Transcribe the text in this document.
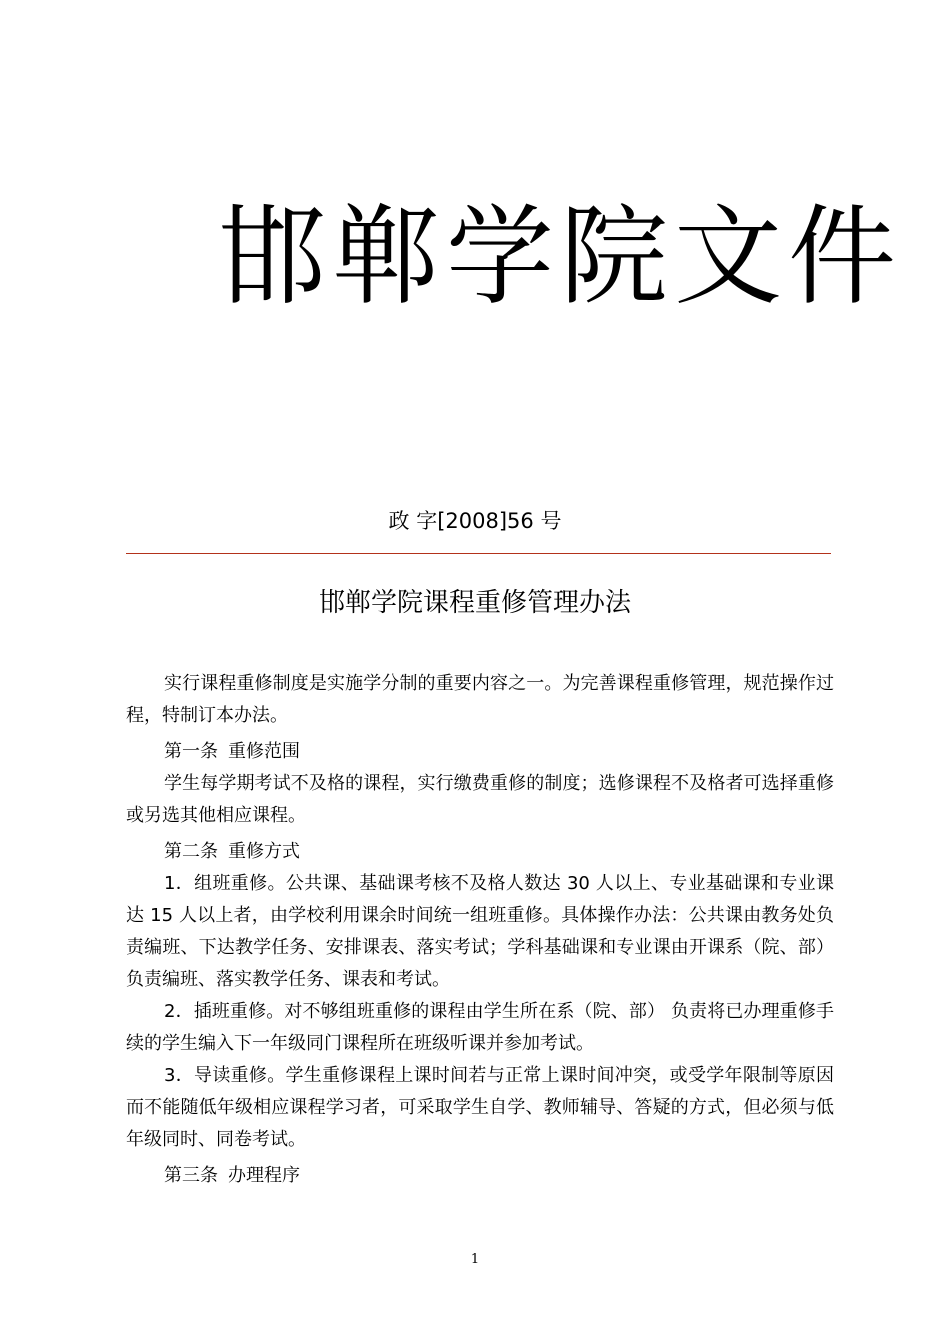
邯郸学院文件
政 字[2008]56 号
邯郸学院课程重修管理办法

实行课程重修制度是实施学分制的重要内容之一。为完善课程重修管理，规范操作过程，特制订本办法。

第一条 重修范围

学生每学期考试不及格的课程，实行缴费重修的制度；选修课程不及格者可选择重修或另选其他相应课程。

第二条 重修方式

1．组班重修。公共课、基础课考核不及格人数达 30 人以上、专业基础课和专业课达 15 人以上者，由学校利用课余时间统一组班重修。具体操作办法：公共课由教务处负责编班、下达教学任务、安排课表、落实考试；学科基础课和专业课由开课系（院、部）负责编班、落实教学任务、课表和考试。

2．插班重修。对不够组班重修的课程由学生所在系（院、部） 负责将已办理重修手续的学生编入下一年级同门课程所在班级听课并参加考试。

3．导读重修。学生重修课程上课时间若与正常上课时间冲突，或受学年限制等原因而不能随低年级相应课程学习者，可采取学生自学、教师辅导、答疑的方式，但必须与低年级同时、同卷考试。

第三条 办理程序

1
